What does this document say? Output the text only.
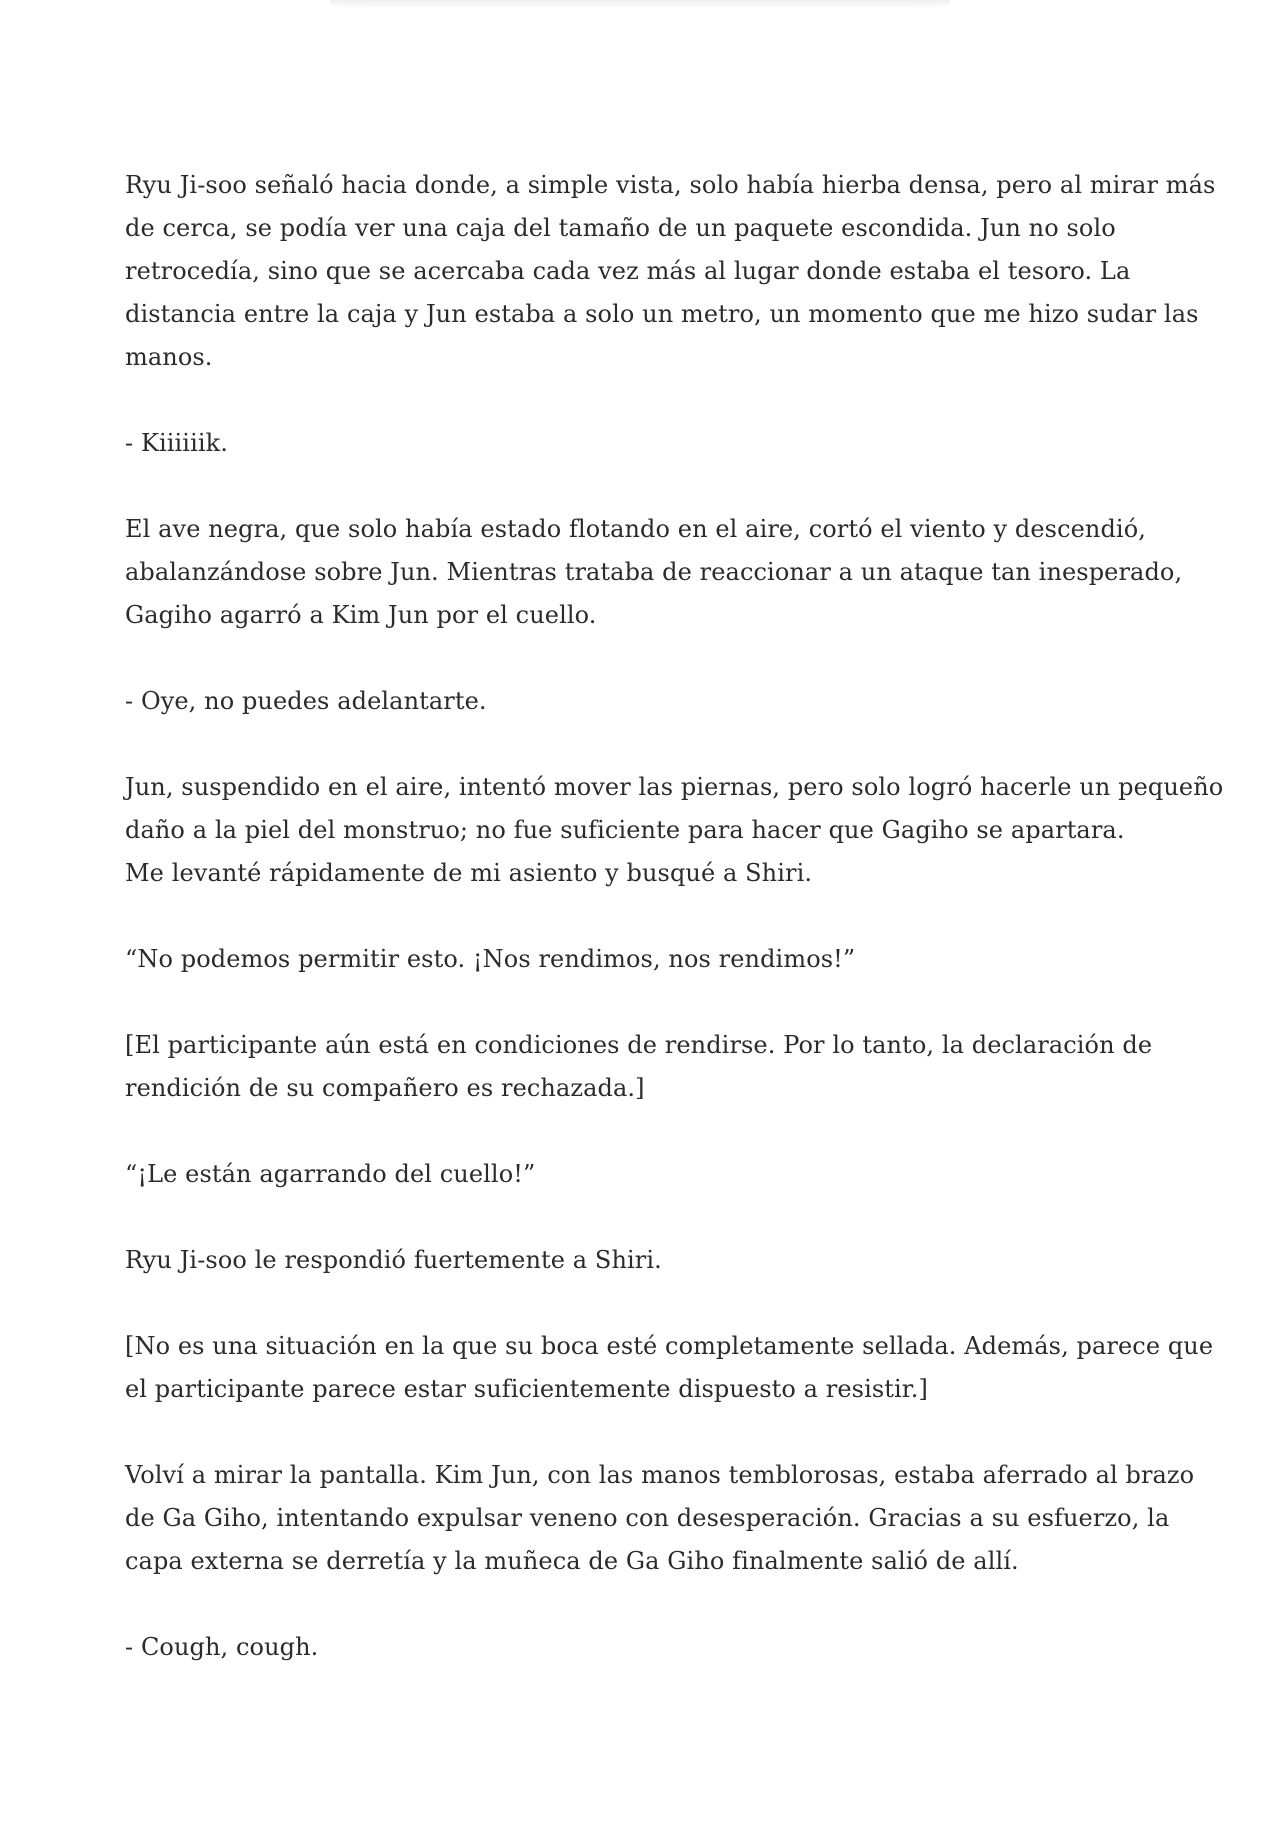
Ryu Ji-soo señaló hacia donde, a simple vista, solo había hierba densa, pero al mirar más
de cerca, se podía ver una caja del tamaño de un paquete escondida. Jun no solo
retrocedía, sino que se acercaba cada vez más al lugar donde estaba el tesoro. La
distancia entre la caja y Jun estaba a solo un metro, un momento que me hizo sudar las
manos.

- Kiiiiiik.

El ave negra, que solo había estado flotando en el aire, cortó el viento y descendió,
abalanzándose sobre Jun. Mientras trataba de reaccionar a un ataque tan inesperado,
Gagiho agarró a Kim Jun por el cuello.

- Oye, no puedes adelantarte.

Jun, suspendido en el aire, intentó mover las piernas, pero solo logró hacerle un pequeño
daño a la piel del monstruo; no fue suficiente para hacer que Gagiho se apartara.
Me levanté rápidamente de mi asiento y busqué a Shiri.

“No podemos permitir esto. ¡Nos rendimos, nos rendimos!”

[El participante aún está en condiciones de rendirse. Por lo tanto, la declaración de
rendición de su compañero es rechazada.]

“¡Le están agarrando del cuello!”

Ryu Ji-soo le respondió fuertemente a Shiri.

[No es una situación en la que su boca esté completamente sellada. Además, parece que
el participante parece estar suficientemente dispuesto a resistir.]

Volví a mirar la pantalla. Kim Jun, con las manos temblorosas, estaba aferrado al brazo
de Ga Giho, intentando expulsar veneno con desesperación. Gracias a su esfuerzo, la
capa externa se derretía y la muñeca de Ga Giho finalmente salió de allí.

- Cough, cough.
